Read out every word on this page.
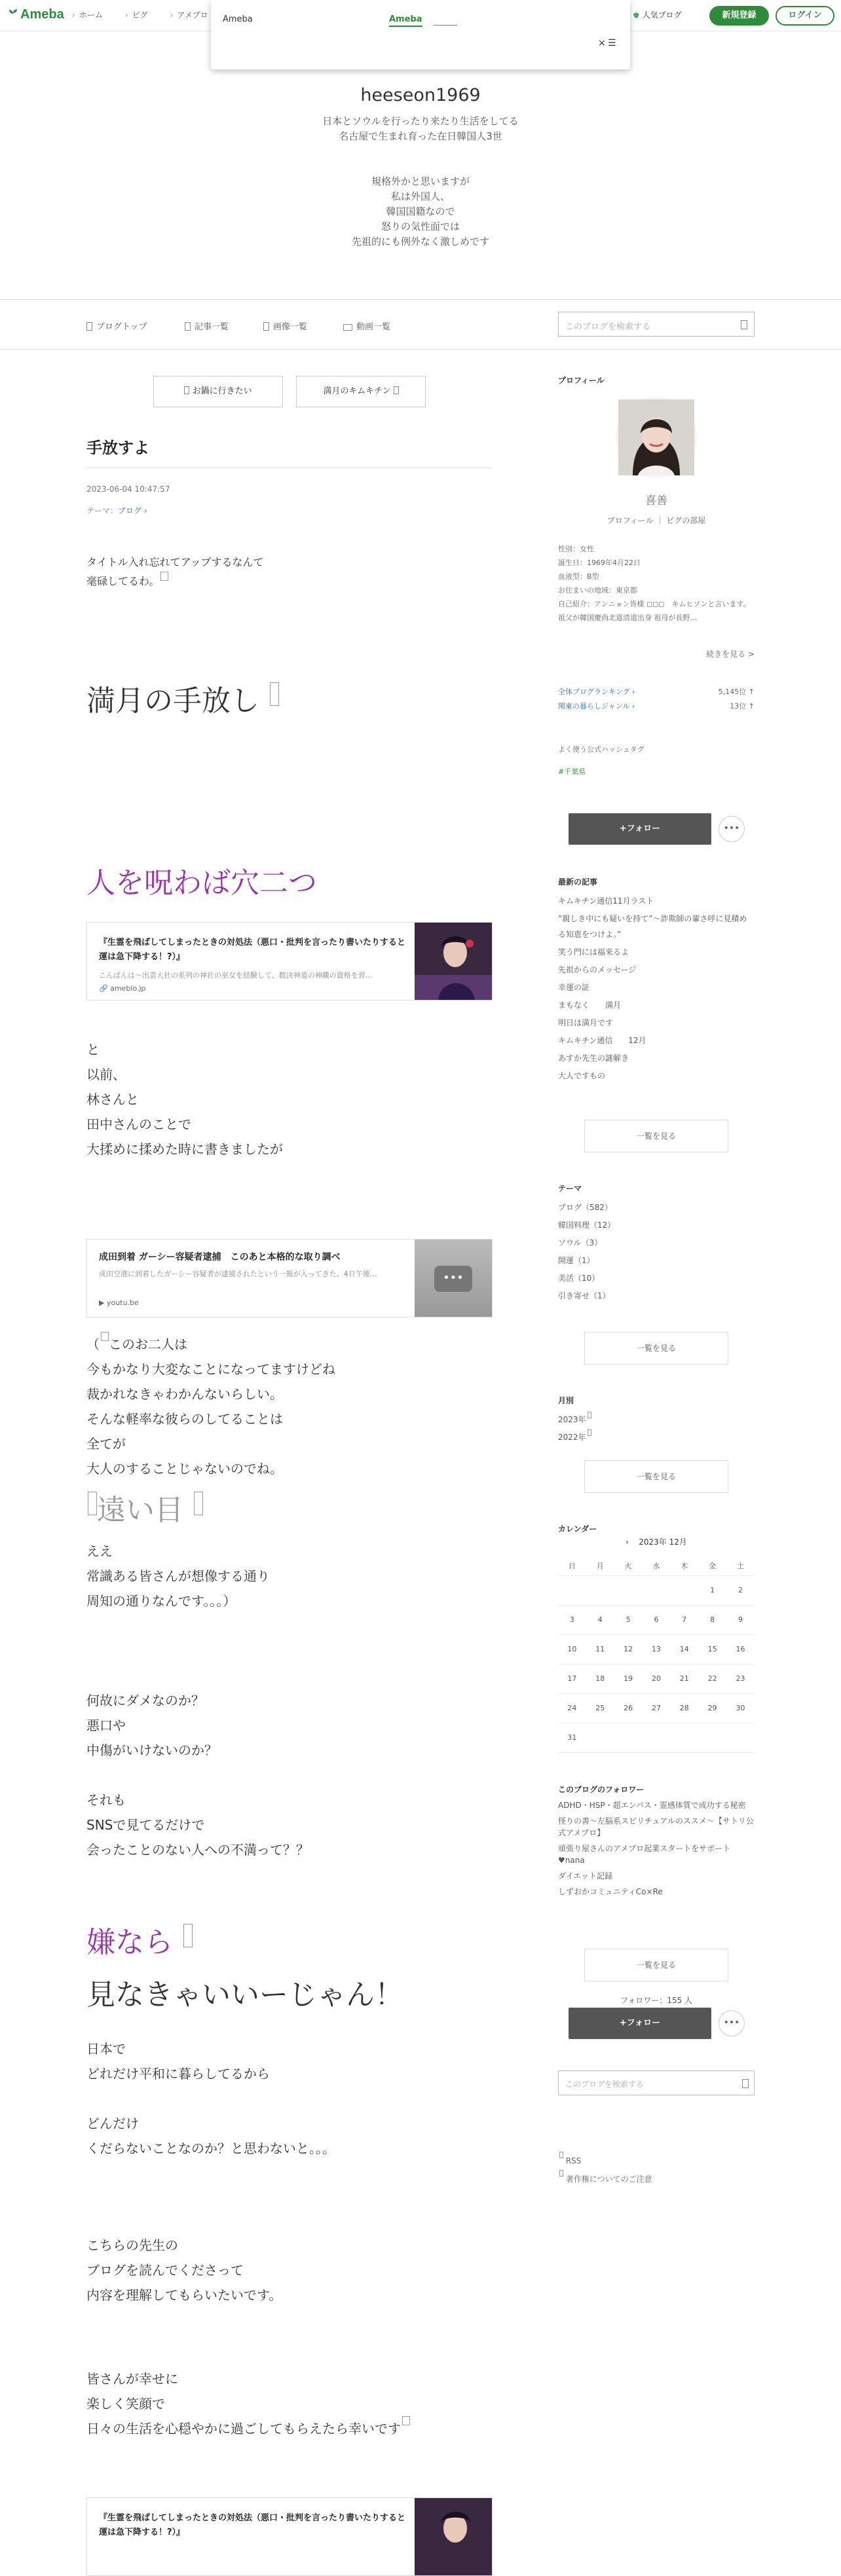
Ameba	› ホーム	› ピグ	› アメブロ	♚ 人気ブログ	新規登録	ログイン
Ameba	Ameba
× ☰
heeseon1969
日本とソウルを行ったり来たり生活をしてる
名古屋で生まれ育った在日韓国人3世

規格外かと思いますが
私は外国人、
韓国国籍なので
怒りの気性面では
先祖的にも例外なく激しめです
ブログトップ	記事一覧	画像一覧	動画一覧	このブログを検索する
お鍋に行きたい	満月のキムキチン
手放すよ
2023-06-04 10:47:57
テーマ：ブログ ›
タイトル入れ忘れてアップするなんて
毫碌してるわ。
満月の手放し
人を呪わば穴二つ
『生霊を飛ばしてしまったときの対処法（悪口・批判を言ったり書いたりすると運は急下降する！?）』
こんばんは～出雲大社の系列の神社の巫女を経験して、数決神道の神職の資格を習…
🔗 ameblo.jp
と
以前、
林さんと
田中さんのことで
大揉めに揉めた時に書きましたが
成田到着 ガーシー容疑者逮捕　このあと本格的な取り調べ
成田空港に到着したガーシー容疑者が逮捕されたという一報が入ってきた。4日午後…
▶ youtu.be
•••
（ このお二人は
今もかなり大変なことになってますけどね
裁かれなきゃわかんないらしい。
そんな軽率な彼らのしてることは
全てが
大人のすることじゃないのでね。
遠い目
ええ
常識ある皆さんが想像する通り
周知の通りなんです。。。）
何故にダメなのか？
悪口や
中傷がいけないのか？

それも
SNSで見てるだけで
会ったことのない人への不満って？？
嫌なら
見なきゃいいーじゃん！
日本で
どれだけ平和に暮らしてるから

どんだけ
くだらないことなのか？と思わないと。。。
こちらの先生の
ブログを読んでくださって
内容を理解してもらいたいです。
皆さんが幸せに
楽しく笑顔で
日々の生活を心穏やかに過ごしてもらえたら幸いです
『生霊を飛ばしてしまったときの対処法（悪口・批判を言ったり書いたりすると運は急下降する！?）』
プロフィール
喜善
プロフィール ｜ ピグの部屋
性別：女性
誕生日：1969年4月22日
血液型：B型
お住まいの地域：東京都
自己紹介：アンニョン皆様 ◻◻◻　キムヒソンと言います。祖父が韓国慶尚北道清道出身 祖母が長野…
続きを見る >
全体ブログランキング ›	5,145位 ↑
関東の暮らしジャンル ›	13位 ↑
よく使う公式ハッシュタグ
#千葉県
+フォロー	•••
最新の記事
キムキチン通信11月ラスト
”親しき中にも疑いを持て”～詐欺師の輩さ呼に見積める知恵をつけよ。”
笑う門には福来るよ
先祖からのメッセージ
幸運の証
まもなく　　満月
明日は満月です
キムキチン通信　　12月
あすか先生の謎解き
大人ですもの
一覧を見る
テーマ
ブログ（582）
韓国料理（12）
ソウル（3）
開運（1）
美活（10）
引き寄せ（1）
一覧を見る
月別
2023年
2022年
一覧を見る
カレンダー
‹ 2023年 12月
日	月	火	水	木	金	土
					1	2
3	4	5	6	7	8	9
10	11	12	13	14	15	16
17	18	19	20	21	22	23
24	25	26	27	28	29	30
31						
このブログのフォロワー
ADHD・HSP・超エンパス・霊感体質で成功する秘密
怪りの書〜左脳系スピリチュアルのススメ〜【サトリ公式アメブロ】
頑張り屋さんのアメブロ起業スタートをサポート♥nana
ダイエット記録
しずおかコミュニティCo×Re
一覧を見る
フォロワー：155 人
+フォロー	•••
このブログを検索する
RSS
著作権についてのご注意
